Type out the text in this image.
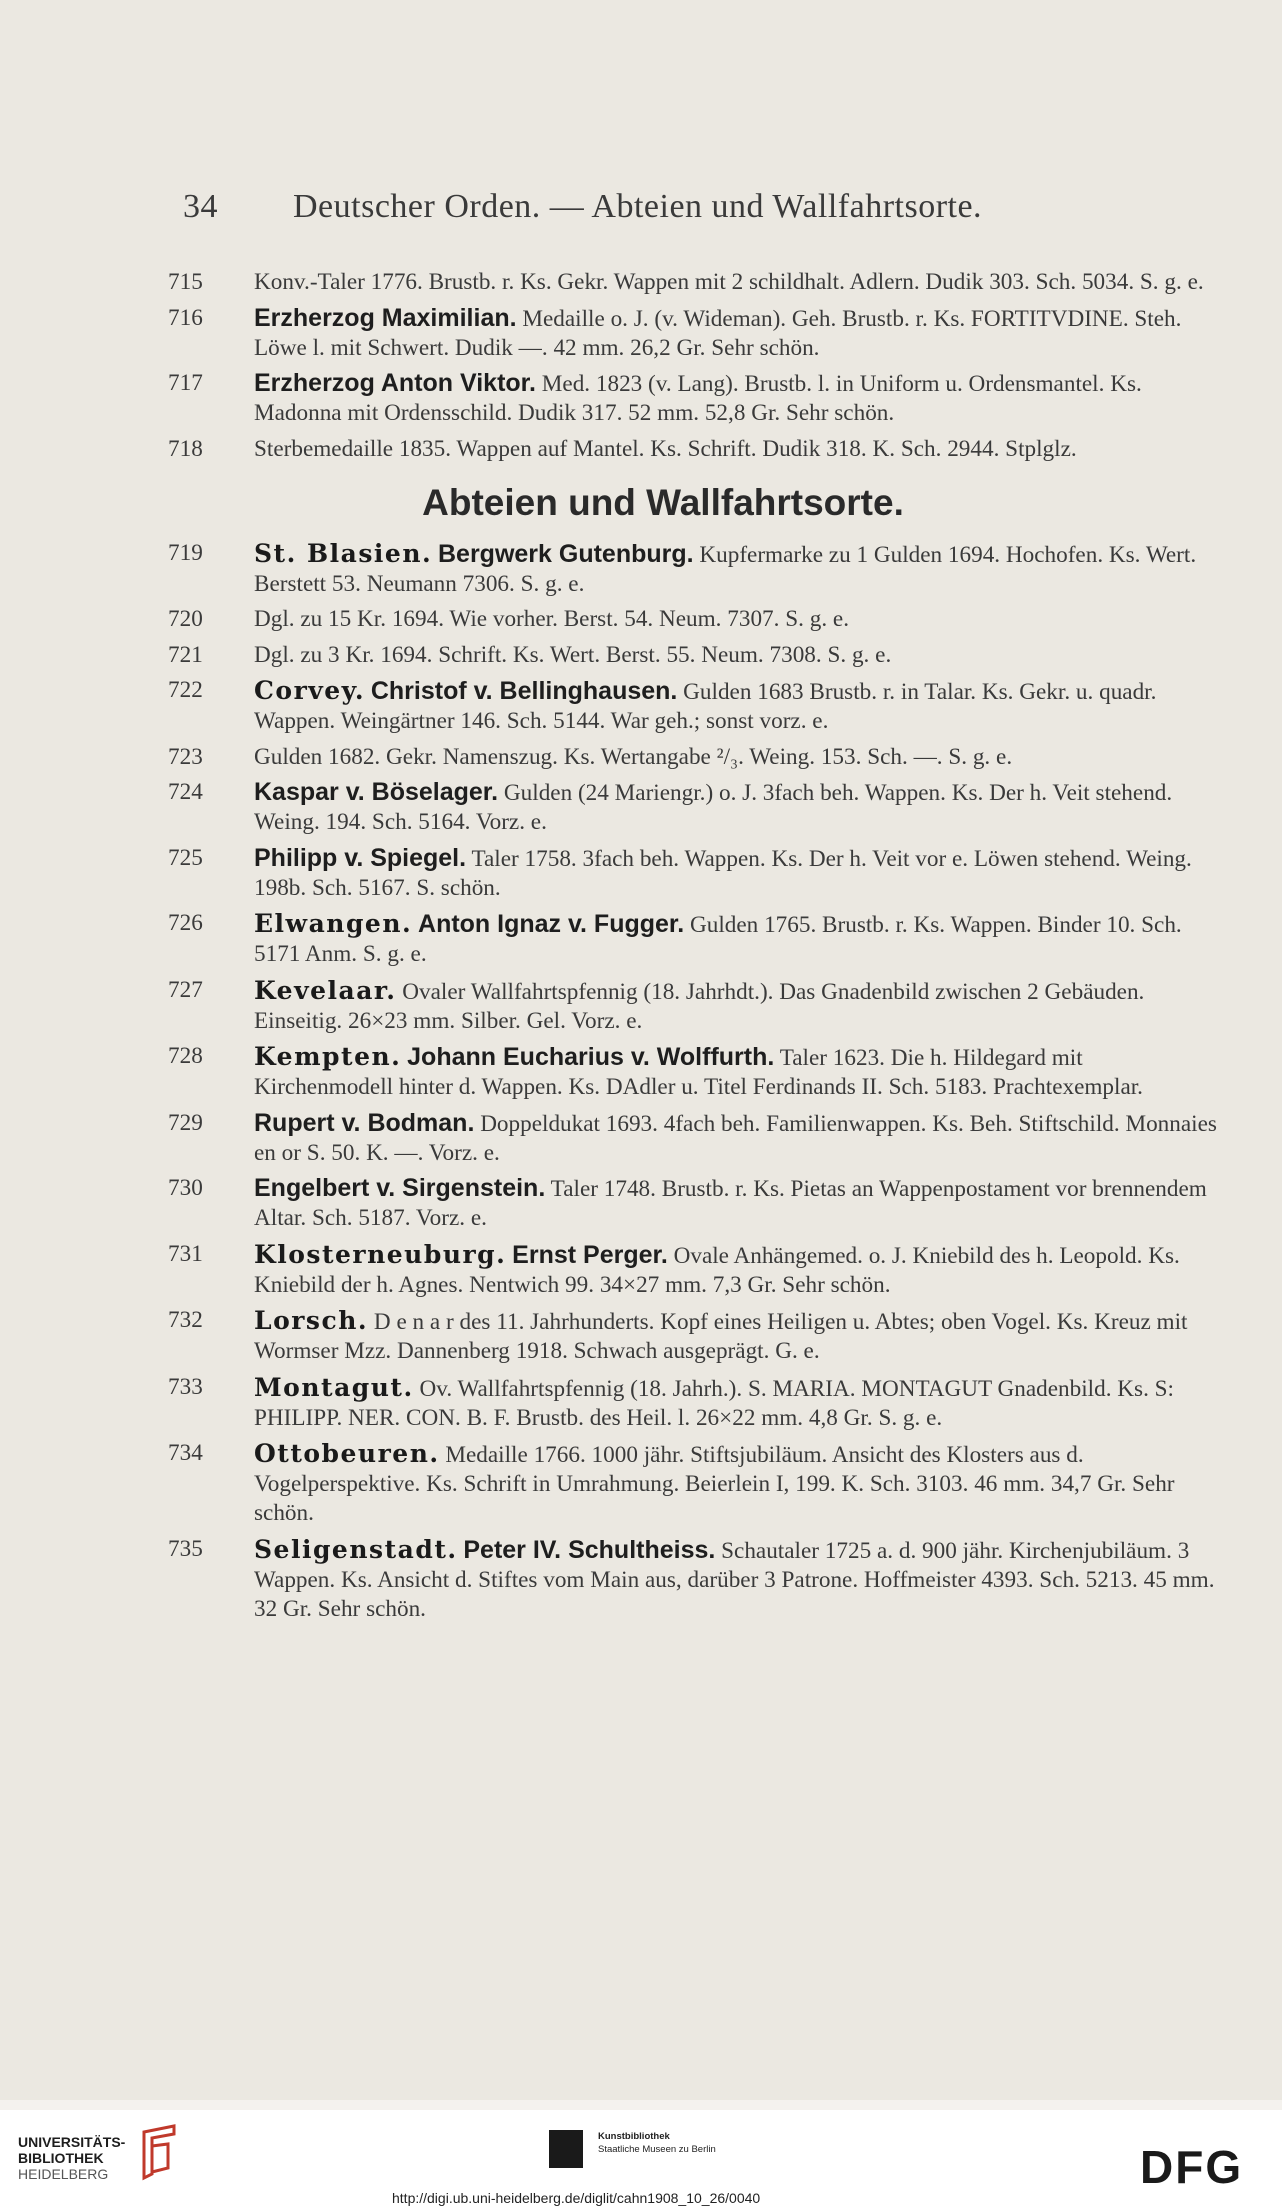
34 Deutscher Orden. — Abteien und Wallfahrtsorte.
715	Konv.-Taler 1776. Brustb. r. Ks. Gekr. Wappen mit 2 schildhalt. Adlern. Dudik 303. Sch. 5034. S. g. e.
716	Erzherzog Maximilian. Medaille o. J. (v. Wideman). Geh. Brustb. r. Ks. FORTITVDINE. Steh. Löwe l. mit Schwert. Dudik —. 42 mm. 26,2 Gr. Sehr schön.
717	Erzherzog Anton Viktor. Med. 1823 (v. Lang). Brustb. l. in Uniform u. Ordensmantel. Ks. Madonna mit Ordensschild. Dudik 317. 52 mm. 52,8 Gr. Sehr schön.
718	Sterbemedaille 1835. Wappen auf Mantel. Ks. Schrift. Dudik 318. K. Sch. 2944. Stplglz.
Abteien und Wallfahrtsorte.
719	St. Blasien. Bergwerk Gutenburg. Kupfermarke zu 1 Gulden 1694. Hochofen. Ks. Wert. Berstett 53. Neumann 7306. S. g. e.
720	Dgl. zu 15 Kr. 1694. Wie vorher. Berst. 54. Neum. 7307. S. g. e.
721	Dgl. zu 3 Kr. 1694. Schrift. Ks. Wert. Berst. 55. Neum. 7308. S. g. e.
722	Corvey. Christof v. Bellinghausen. Gulden 1683 Brustb. r. in Talar. Ks. Gekr. u. quadr. Wappen. Weingärtner 146. Sch. 5144. War geh.; sonst vorz. e.
723	Gulden 1682. Gekr. Namenszug. Ks. Wertangabe ²/₃. Weing. 153. Sch. —. S. g. e.
724	Kaspar v. Böselager. Gulden (24 Mariengr.) o. J. 3fach beh. Wappen. Ks. Der h. Veit stehend. Weing. 194. Sch. 5164. Vorz. e.
725	Philipp v. Spiegel. Taler 1758. 3fach beh. Wappen. Ks. Der h. Veit vor e. Löwen stehend. Weing. 198b. Sch. 5167. S. schön.
726	Elwangen. Anton Ignaz v. Fugger. Gulden 1765. Brustb. r. Ks. Wappen. Binder 10. Sch. 5171 Anm. S. g. e.
727	Kevelaar. Ovaler Wallfahrtspfennig (18. Jahrhdt.). Das Gnadenbild zwischen 2 Gebäuden. Einseitig. 26×23 mm. Silber. Gel. Vorz. e.
728	Kempten. Johann Eucharius v. Wolffurth. Taler 1623. Die h. Hildegard mit Kirchenmodell hinter d. Wappen. Ks. DAdler u. Titel Ferdinands II. Sch. 5183. Prachtexemplar.
729	Rupert v. Bodman. Doppeldukat 1693. 4fach beh. Familienwappen. Ks. Beh. Stiftschild. Monnaies en or S. 50. K. —. Vorz. e.
730	Engelbert v. Sirgenstein. Taler 1748. Brustb. r. Ks. Pietas an Wappenpostament vor brennendem Altar. Sch. 5187. Vorz. e.
731	Klosterneuburg. Ernst Perger. Ovale Anhängemed. o. J. Kniebild des h. Leopold. Ks. Kniebild der h. Agnes. Nentwich 99. 34×27 mm. 7,3 Gr. Sehr schön.
732	Lorsch. D e n a r des 11. Jahrhunderts. Kopf eines Heiligen u. Abtes; oben Vogel. Ks. Kreuz mit Wormser Mzz. Dannenberg 1918. Schwach ausgeprägt. G. e.
733	Montagut. Ov. Wallfahrtspfennig (18. Jahrh.). S. MARIA. MONTAGUT Gnadenbild. Ks. S: PHILIPP. NER. CON. B. F. Brustb. des Heil. l. 26×22 mm. 4,8 Gr. S. g. e.
734	Ottobeuren. Medaille 1766. 1000 jähr. Stiftsjubiläum. Ansicht des Klosters aus d. Vogelperspektive. Ks. Schrift in Umrahmung. Beierlein I, 199. K. Sch. 3103. 46 mm. 34,7 Gr. Sehr schön.
735	Seligenstadt. Peter IV. Schultheiss. Schautaler 1725 a. d. 900 jähr. Kirchenjubiläum. 3 Wappen. Ks. Ansicht d. Stiftes vom Main aus, darüber 3 Patrone. Hoffmeister 4393. Sch. 5213. 45 mm. 32 Gr. Sehr schön.
UNIVERSITÄTS-
BIBLIOTHEK
HEIDELBERG
Kunstbibliothek
Staatliche Museen zu Berlin	DFG
http://digi.ub.uni-heidelberg.de/diglit/cahn1908_10_26/0040
